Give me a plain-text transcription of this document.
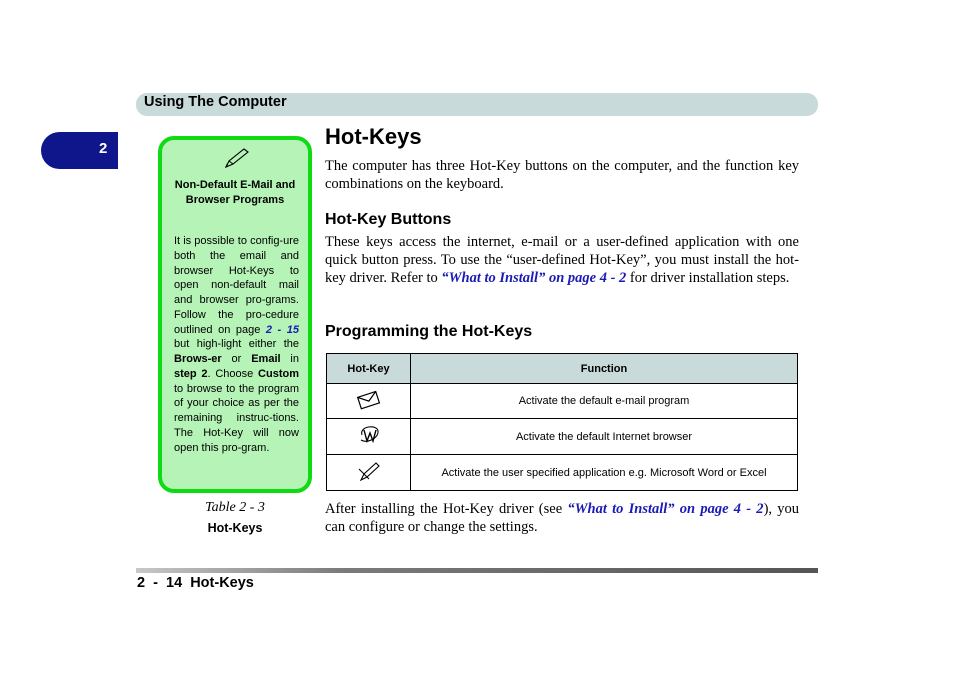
Using The Computer
2
Non-Default E-Mail and Browser Programs
It is possible to config-ure both the email and browser Hot-Keys to open non-default mail and browser pro-grams. Follow the pro-cedure outlined on page 2 - 15 but high-light either the Brows-er or Email in step 2. Choose Custom to browse to the program of your choice as per the remaining instruc-tions. The Hot-Key will now open this pro-gram.
Table 2 - 3
Hot-Keys
Hot-Keys

The computer has three Hot-Key buttons on the computer, and the function key combinations on the keyboard.

Hot-Key Buttons

These keys access the internet, e-mail or a user-defined application with one quick button press. To use the “user-defined Hot-Key”, you must install the hot-key driver. Refer to “What to Install” on page 4 - 2 for driver installation steps.

Programming the Hot-Keys
Hot-Key	Function
	Activate the default e-mail program
	Activate the default Internet browser
	Activate the user specified application e.g. Microsoft Word or Excel

After installing the Hot-Key driver (see “What to Install” on page 4 - 2), you can configure or change the settings.

2  -  14 Hot-Keys
